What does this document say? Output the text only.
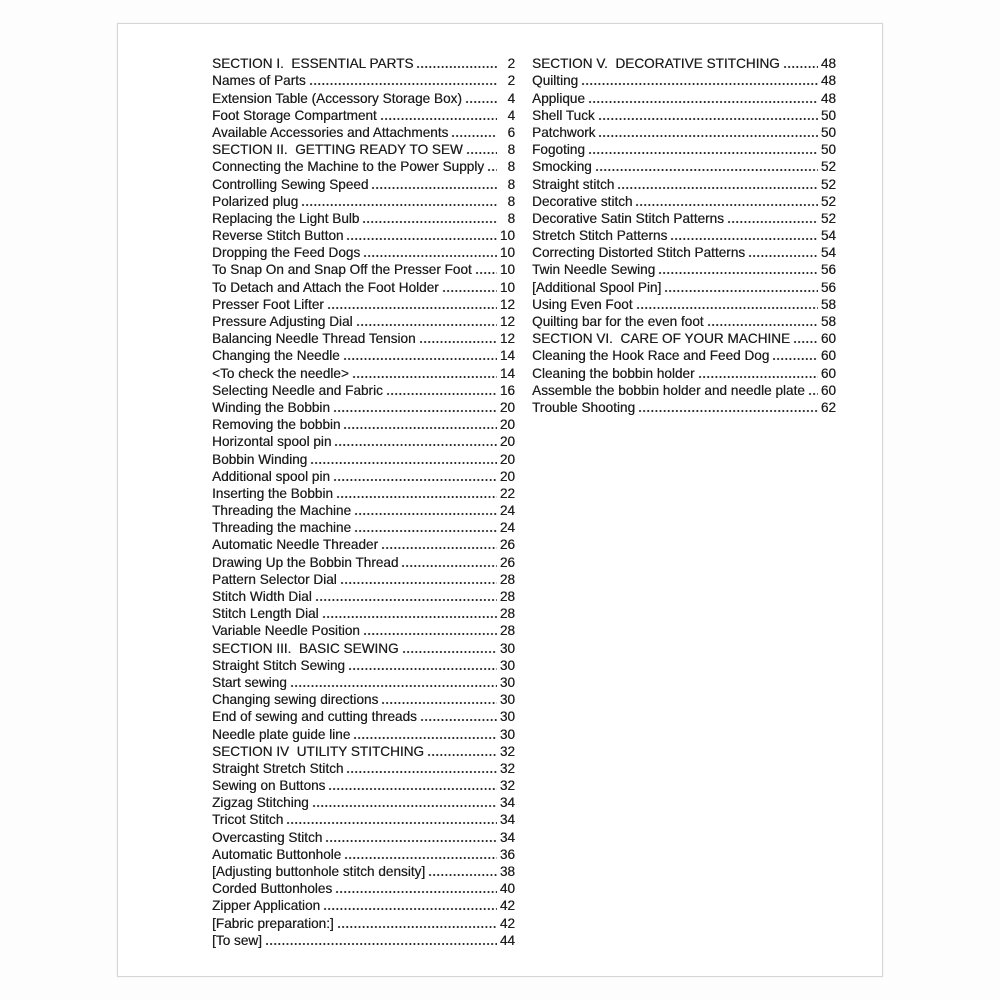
SECTION I.  ESSENTIAL PARTS	2
Names of Parts	2
Extension Table (Accessory Storage Box)	4
Foot Storage Compartment	4
Available Accessories and Attachments	6
SECTION II.  GETTING READY TO SEW	8
Connecting the Machine to the Power Supply	8
Controlling Sewing Speed	8
Polarized plug	8
Replacing the Light Bulb	8
Reverse Stitch Button	10
Dropping the Feed Dogs	10
To Snap On and Snap Off the Presser Foot 10
To Detach and Attach the Foot Holder	10
Presser Foot Lifter	12
Pressure Adjusting Dial	12
Balancing Needle Thread Tension	12
Changing the Needle	14
<To check the needle>	14
Selecting Needle and Fabric	16
Winding the Bobbin	20
Removing the bobbin	20
Horizontal spool pin	20
Bobbin Winding	20
Additional spool pin	20
Inserting the Bobbin	22
Threading the Machine	24
Threading the machine	24
Automatic Needle Threader	26
Drawing Up the Bobbin Thread	26
Pattern Selector Dial	28
Stitch Width Dial	28
Stitch Length Dial	28
Variable Needle Position	28
SECTION III.  BASIC SEWING	30
Straight Stitch Sewing	30
Start sewing	30
Changing sewing directions	30
End of sewing and cutting threads	30
Needle plate guide line	30
SECTION IV  UTILITY STITCHING	32
Straight Stretch Stitch	32
Sewing on Buttons	32
Zigzag Stitching	34
Tricot Stitch	34
Overcasting Stitch	34
Automatic Buttonhole	36
[Adjusting buttonhole stitch density]	38
Corded Buttonholes	40
Zipper Application	42
[Fabric preparation:]	42
[To sew]	44
SECTION V.  DECORATIVE STITCHING	48
Quilting	48
Applique	48
Shell Tuck	50
Patchwork	50
Fogoting	50
Smocking	52
Straight stitch	52
Decorative stitch	52
Decorative Satin Stitch Patterns	52
Stretch Stitch Patterns	54
Correcting Distorted Stitch Patterns	54
Twin Needle Sewing	56
[Additional Spool Pin]	56
Using Even Foot	58
Quilting bar for the even foot	58
SECTION VI.  CARE OF YOUR MACHINE 60
Cleaning the Hook Race and Feed Dog	60
Cleaning the bobbin holder	60
Assemble the bobbin holder and needle plate 60
Trouble Shooting	62
